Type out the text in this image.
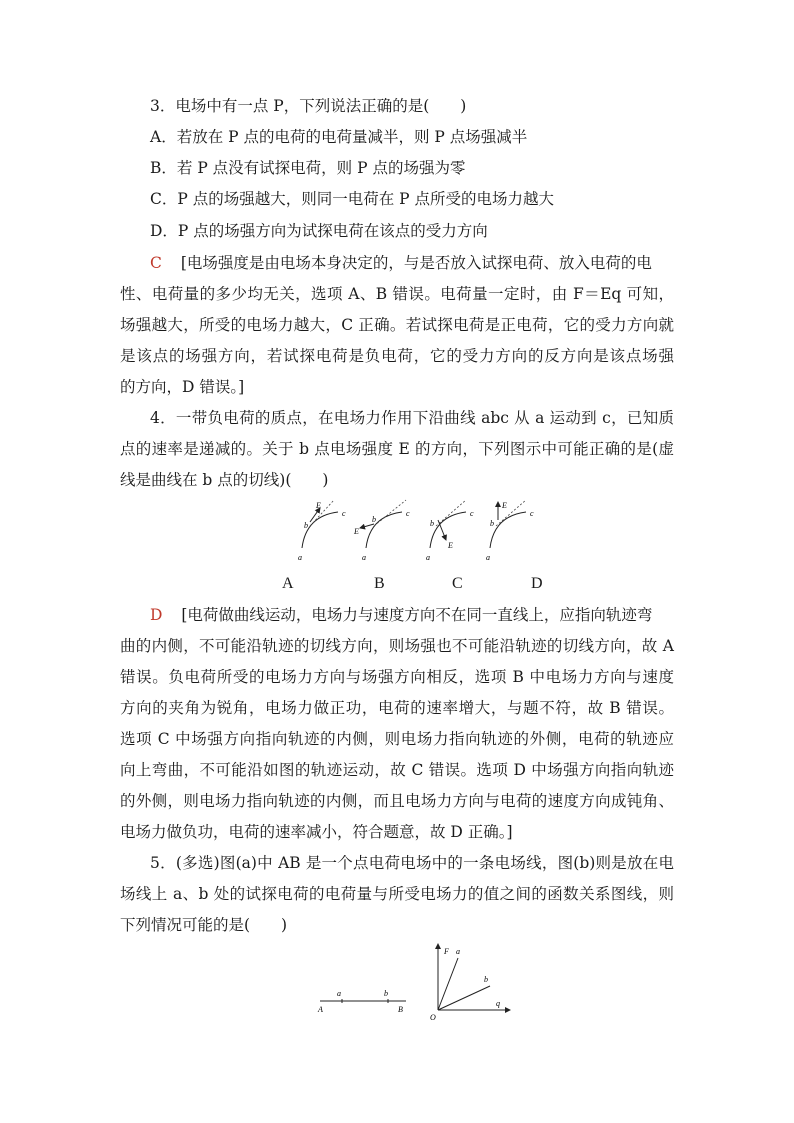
3．电场中有一点 P，下列说法正确的是(　　)
A．若放在 P 点的电荷的电荷量减半，则 P 点场强减半
B．若 P 点没有试探电荷，则 P 点的场强为零
C．P 点的场强越大，则同一电荷在 P 点所受的电场力越大
D．P 点的场强方向为试探电荷在该点的受力方向
C [电场强度是由电场本身决定的，与是否放入试探电荷、放入电荷的电
性、电荷量的多少均无关，选项 A、B 错误。电荷量一定时，由 F＝Eq 可知，
场强越大，所受的电场力越大，C 正确。若试探电荷是正电荷，它的受力方向就
是该点的场强方向，若试探电荷是负电荷，它的受力方向的反方向是该点场强
的方向，D 错误。]
4．一带负电荷的质点，在电场力作用下沿曲线 abc 从 a 运动到 c，已知质
点的速率是递减的。关于 b 点电场强度 E 的方向，下列图示中可能正确的是(虚
线是曲线在 b 点的切线)(　　)
E
b
c
a
E
b
c
a
E
b
c
a
E
b
c
a
A	B	C	D
D [电荷做曲线运动，电场力与速度方向不在同一直线上，应指向轨迹弯
曲的内侧，不可能沿轨迹的切线方向，则场强也不可能沿轨迹的切线方向，故 A
错误。负电荷所受的电场力方向与场强方向相反，选项 B 中电场力方向与速度
方向的夹角为锐角，电场力做正功，电荷的速率增大，与题不符，故 B 错误。
选项 C 中场强方向指向轨迹的内侧，则电场力指向轨迹的外侧，电荷的轨迹应
向上弯曲，不可能沿如图的轨迹运动，故 C 错误。选项 D 中场强方向指向轨迹
的外侧，则电场力指向轨迹的内侧，而且电场力方向与电荷的速度方向成钝角、
电场力做负功，电荷的速率减小，符合题意，故 D 正确。]
5．(多选)图(a)中 AB 是一个点电荷电场中的一条电场线，图(b)则是放在电
场线上 a、b 处的试探电荷的电荷量与所受电场力的值之间的函数关系图线，则
下列情况可能的是(　　)
a	b
A	B
F a
b
q
O
